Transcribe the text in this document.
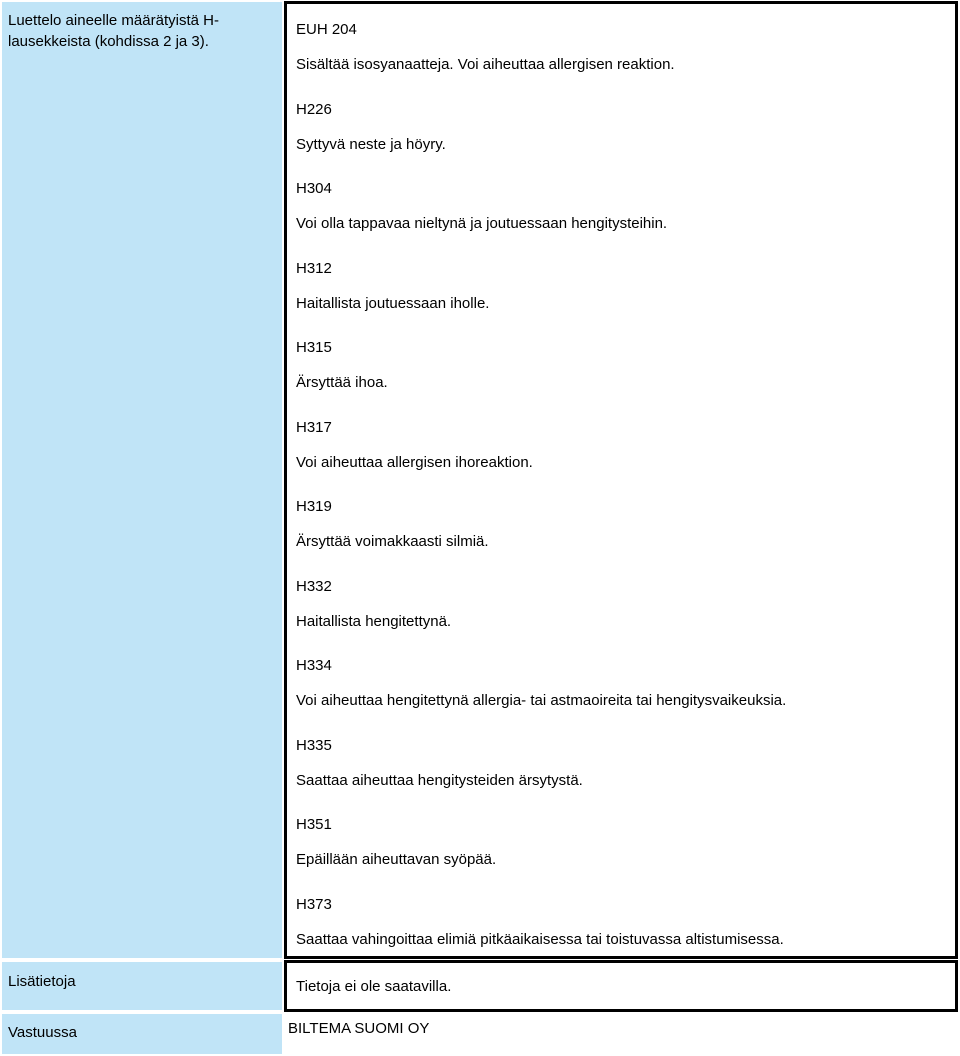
Luettelo aineelle määrätyistä H-lausekkeista (kohdissa 2 ja 3).
EUH 204
Sisältää isosyanaatteja. Voi aiheuttaa allergisen reaktion.
H226
Syttyvä neste ja höyry.
H304
Voi olla tappavaa nieltynä ja joutuessaan hengitysteihin.
H312
Haitallista joutuessaan iholle.
H315
Ärsyttää ihoa.
H317
Voi aiheuttaa allergisen ihoreaktion.
H319
Ärsyttää voimakkaasti silmiä.
H332
Haitallista hengitettynä.
H334
Voi aiheuttaa hengitettynä allergia- tai astmaoireita tai hengitysvaikeuksia.
H335
Saattaa aiheuttaa hengitysteiden ärsytystä.
H351
Epäillään aiheuttavan syöpää.
H373
Saattaa vahingoittaa elimiä pitkäaikaisessa tai toistuvassa altistumisessa.
Lisätietoja	Tietoja ei ole saatavilla.
Vastuussa	BILTEMA SUOMI OY
